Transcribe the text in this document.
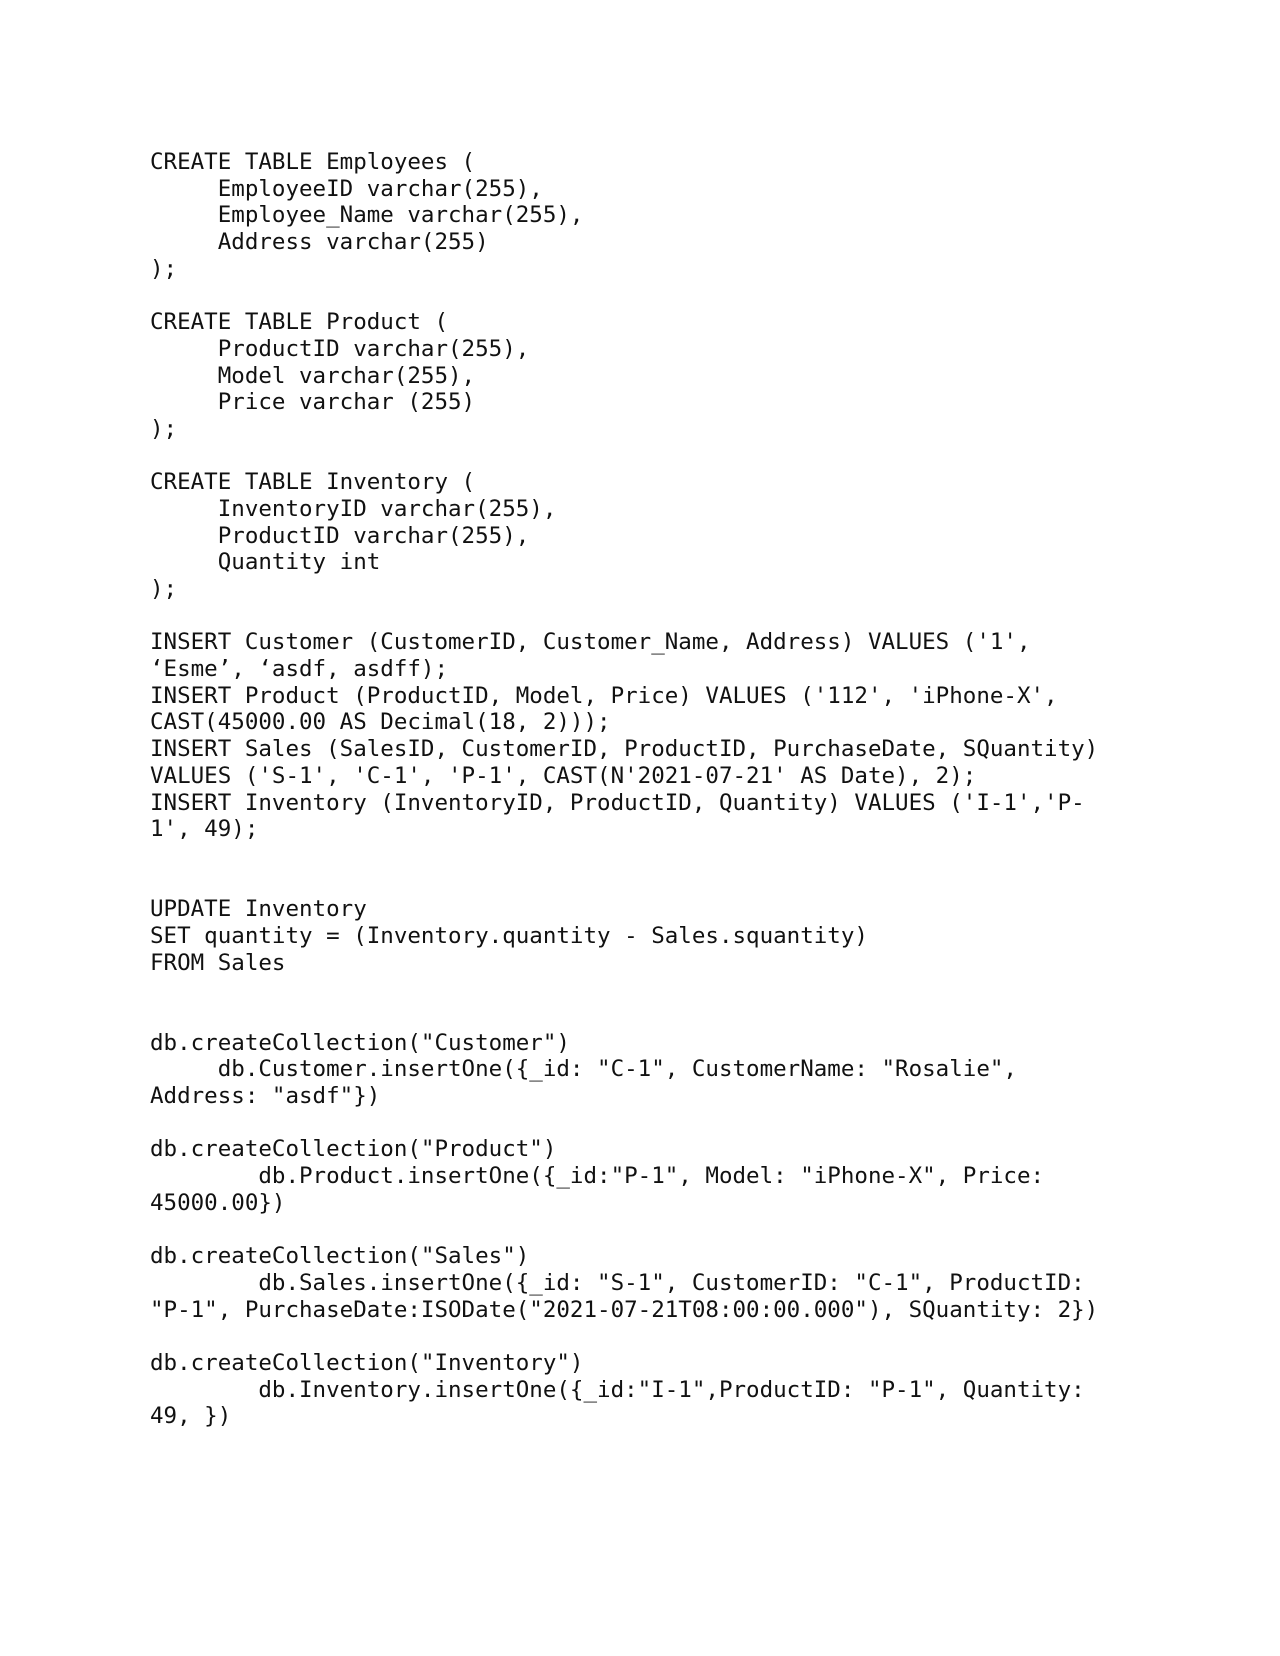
CREATE TABLE Employees (
EmployeeID varchar(255),
Employee_Name varchar(255),
Address varchar(255)
);
CREATE TABLE Product (
ProductID varchar(255),
Model varchar(255),
Price varchar (255)
);
CREATE TABLE Inventory (
InventoryID varchar(255),
ProductID varchar(255),
Quantity int
);
INSERT Customer (CustomerID, Customer_Name, Address) VALUES ('1',
‘Esme’, ‘asdf, asdff);
INSERT Product (ProductID, Model, Price) VALUES ('112', 'iPhone-X',
CAST(45000.00 AS Decimal(18, 2)));
INSERT Sales (SalesID, CustomerID, ProductID, PurchaseDate, SQuantity)
VALUES ('S-1', 'C-1', 'P-1', CAST(N'2021-07-21' AS Date), 2);
INSERT Inventory (InventoryID, ProductID, Quantity) VALUES ('I-1','P-
1', 49);
UPDATE Inventory
SET quantity = (Inventory.quantity - Sales.squantity)
FROM Sales
db.createCollection("Customer")
db.Customer.insertOne({_id: "C-1", CustomerName: "Rosalie",
Address: "asdf"})
db.createCollection("Product")
db.Product.insertOne({_id:"P-1", Model: "iPhone-X", Price:
45000.00})
db.createCollection("Sales")
db.Sales.insertOne({_id: "S-1", CustomerID: "C-1", ProductID:
"P-1", PurchaseDate:ISODate("2021-07-21T08:00:00.000"), SQuantity: 2})
db.createCollection("Inventory")
db.Inventory.insertOne({_id:"I-1",ProductID: "P-1", Quantity:
49, })
